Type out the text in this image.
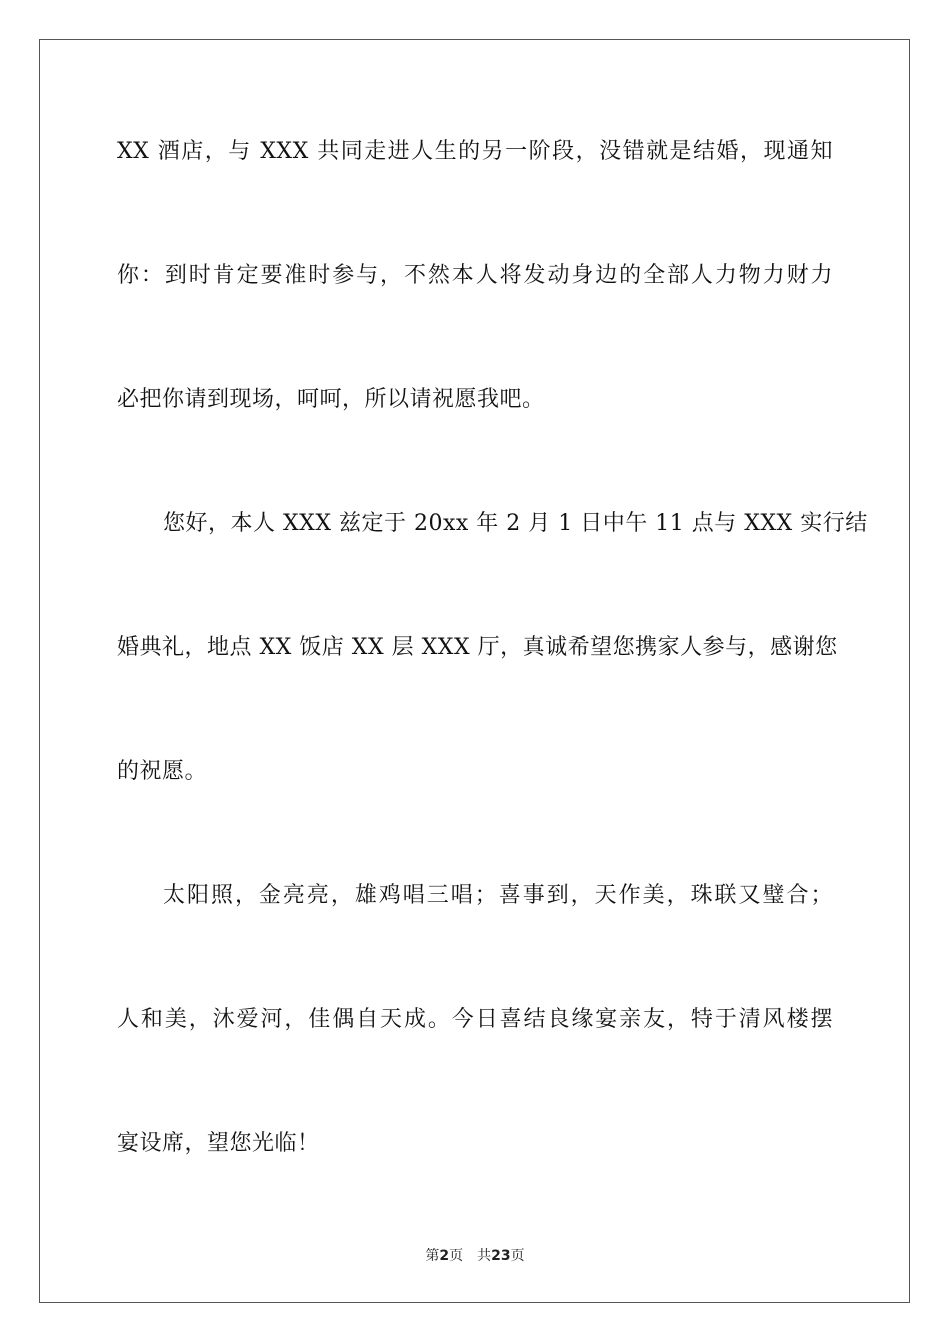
XX 酒店，与 XXX 共同走进人生的另一阶段，没错就是结婚，现通知
你：到时肯定要准时参与，不然本人将发动身边的全部人力物力财力
必把你请到现场，呵呵，所以请祝愿我吧。
您好，本人 XXX 兹定于 20xx 年 2 月 1 日中午 11 点与 XXX 实行结
婚典礼，地点 XX 饭店 XX 层 XXX 厅，真诚希望您携家人参与，感谢您
的祝愿。
太阳照，金亮亮，雄鸡唱三唱；喜事到，天作美，珠联又璧合；
人和美，沐爱河，佳偶自天成。今日喜结良缘宴亲友，特于清风楼摆
宴设席，望您光临！
第2页 共23页
